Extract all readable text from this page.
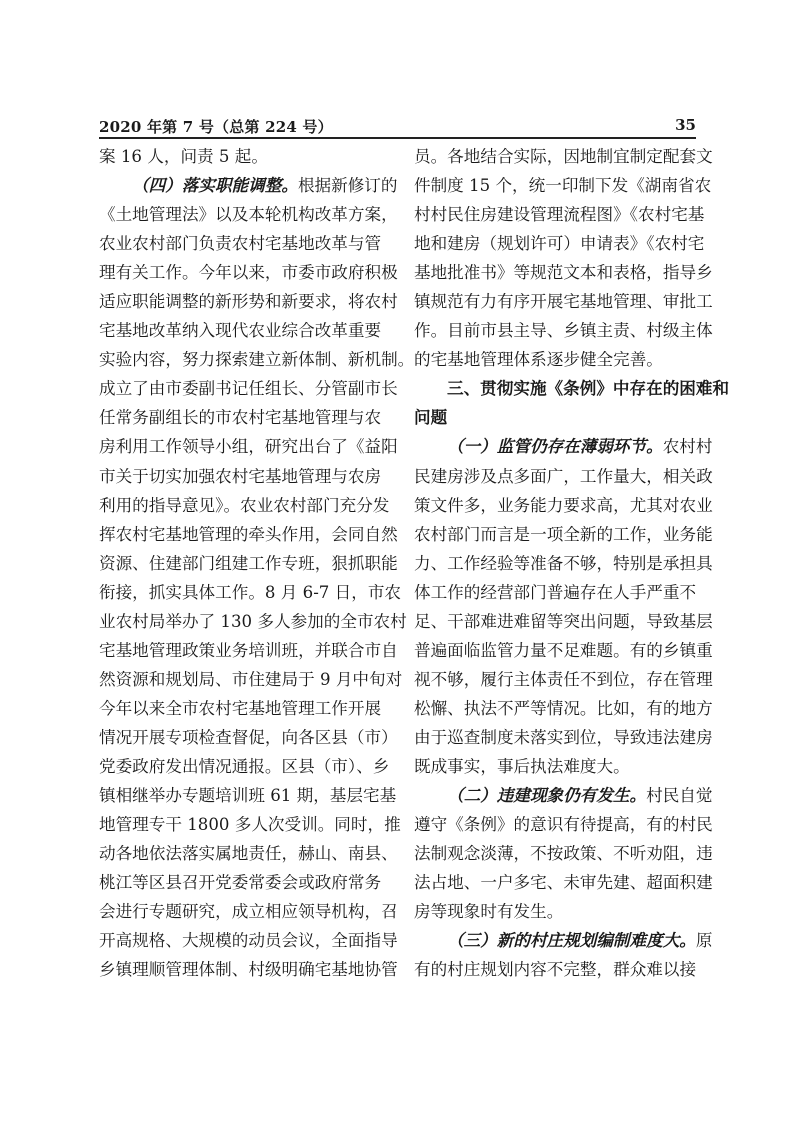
2020 年第 7 号（总第 224 号）	35
案 16 人，问责 5 起。
（四）落实职能调整。根据新修订的
《土地管理法》以及本轮机构改革方案，
农业农村部门负责农村宅基地改革与管
理有关工作。今年以来，市委市政府积极
适应职能调整的新形势和新要求，将农村
宅基地改革纳入现代农业综合改革重要
实验内容，努力探索建立新体制、新机制。
成立了由市委副书记任组长、分管副市长
任常务副组长的市农村宅基地管理与农
房利用工作领导小组，研究出台了《益阳
市关于切实加强农村宅基地管理与农房
利用的指导意见》。农业农村部门充分发
挥农村宅基地管理的牵头作用，会同自然
资源、住建部门组建工作专班，狠抓职能
衔接，抓实具体工作。8 月 6-7 日，市农
业农村局举办了 130 多人参加的全市农村
宅基地管理政策业务培训班，并联合市自
然资源和规划局、市住建局于 9 月中旬对
今年以来全市农村宅基地管理工作开展
情况开展专项检查督促，向各区县（市）
党委政府发出情况通报。区县（市）、乡
镇相继举办专题培训班 61 期，基层宅基
地管理专干 1800 多人次受训。同时，推
动各地依法落实属地责任，赫山、南县、
桃江等区县召开党委常委会或政府常务
会进行专题研究，成立相应领导机构，召
开高规格、大规模的动员会议，全面指导
乡镇理顺管理体制、村级明确宅基地协管
员。各地结合实际，因地制宜制定配套文
件制度 15 个，统一印制下发《湖南省农
村村民住房建设管理流程图》《农村宅基
地和建房（规划许可）申请表》《农村宅
基地批准书》等规范文本和表格，指导乡
镇规范有力有序开展宅基地管理、审批工
作。目前市县主导、乡镇主责、村级主体
的宅基地管理体系逐步健全完善。
三、贯彻实施《条例》中存在的困难和
问题
（一）监管仍存在薄弱环节。农村村
民建房涉及点多面广，工作量大，相关政
策文件多，业务能力要求高，尤其对农业
农村部门而言是一项全新的工作，业务能
力、工作经验等准备不够，特别是承担具
体工作的经营部门普遍存在人手严重不
足、干部难进难留等突出问题，导致基层
普遍面临监管力量不足难题。有的乡镇重
视不够，履行主体责任不到位，存在管理
松懈、执法不严等情况。比如，有的地方
由于巡查制度未落实到位，导致违法建房
既成事实，事后执法难度大。
（二）违建现象仍有发生。村民自觉
遵守《条例》的意识有待提高，有的村民
法制观念淡薄，不按政策、不听劝阻，违
法占地、一户多宅、未审先建、超面积建
房等现象时有发生。
（三）新的村庄规划编制难度大。原
有的村庄规划内容不完整，群众难以接
